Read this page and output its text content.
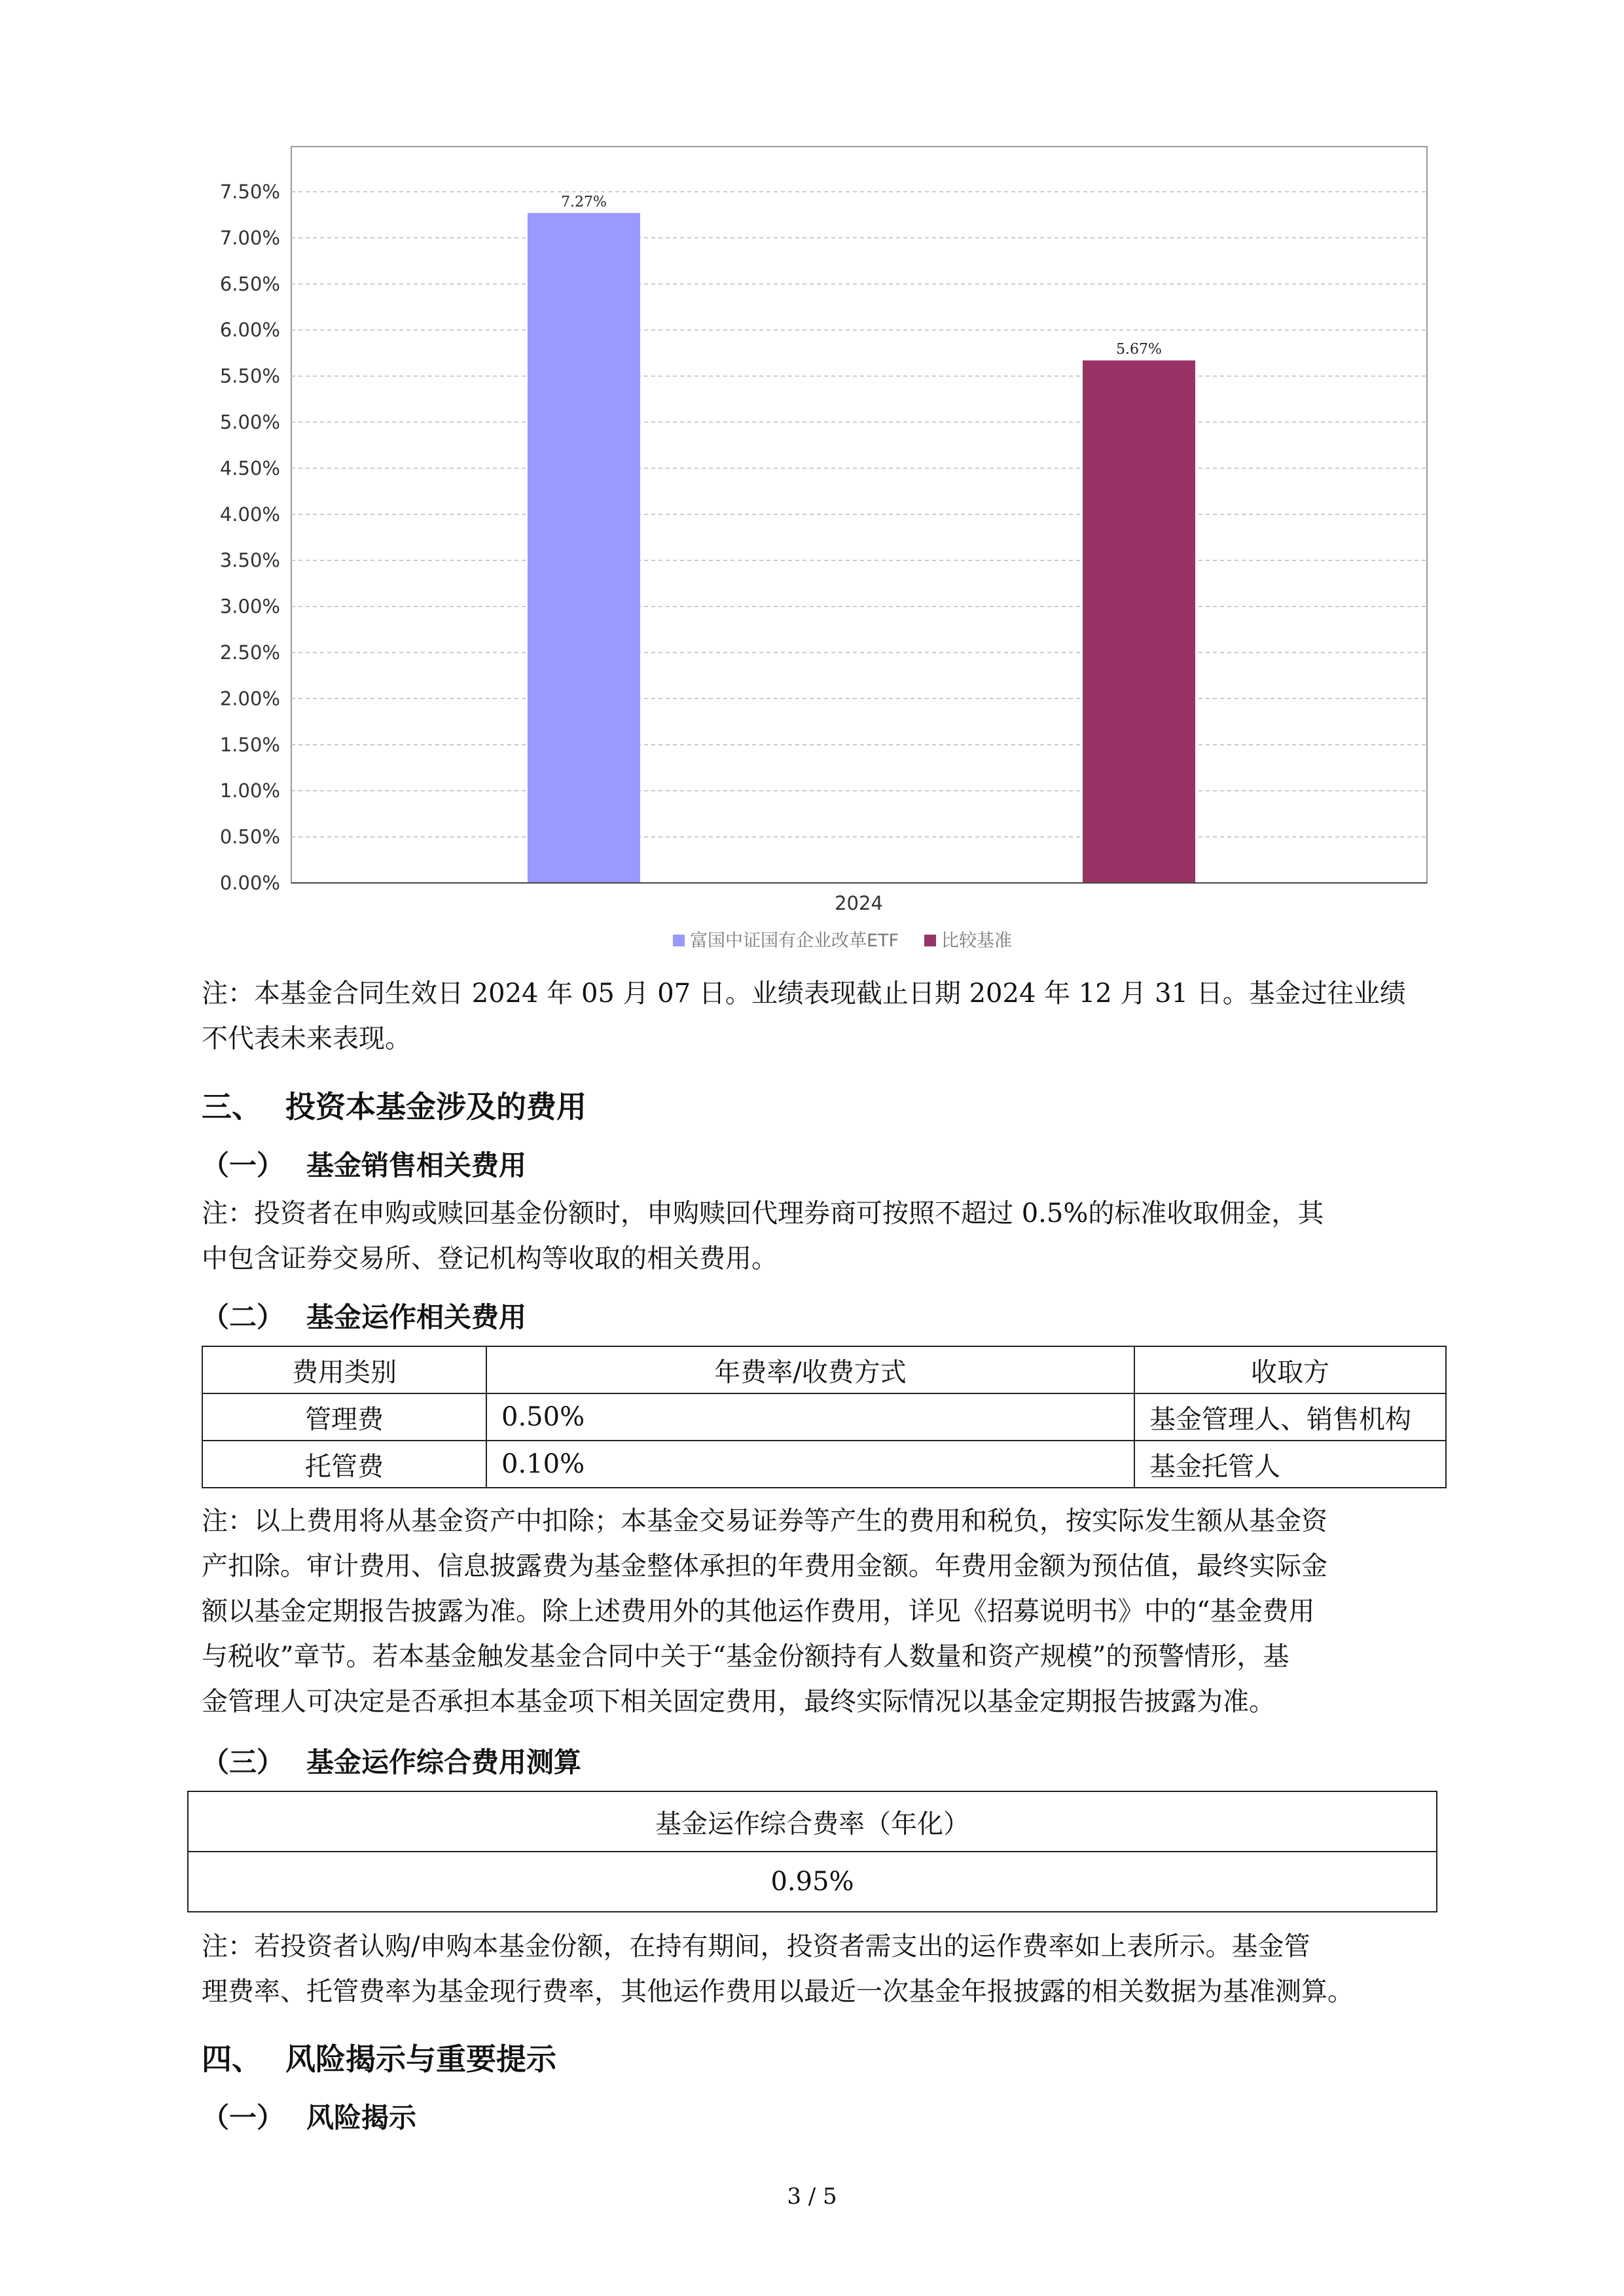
0.00%
0.50%
1.00%
1.50%
2.00%
2.50%
3.00%
3.50%
4.00%
4.50%
5.00%
5.50%
6.00%
6.50%
7.00%
7.50%	7.27%
5.67%
2024
富国中证国有企业改革ETF 比较基准
注：本基金合同生效日 2024 年 05 月 07 日。业绩表现截止日期 2024 年 12 月 31 日。基金过往业绩
不代表未来表现。
三、 投资本基金涉及的费用
（一） 基金销售相关费用
注：投资者在申购或赎回基金份额时，申购赎回代理券商可按照不超过 0.5%的标准收取佣金，其
中包含证券交易所、登记机构等收取的相关费用。
（二） 基金运作相关费用
费用类别	年费率/收费方式	收取方
管理费	0.50%	基金管理人、销售机构
托管费	0.10%	基金托管人
注：以上费用将从基金资产中扣除；本基金交易证券等产生的费用和税负，按实际发生额从基金资
产扣除。审计费用、信息披露费为基金整体承担的年费用金额。年费用金额为预估值，最终实际金
额以基金定期报告披露为准。除上述费用外的其他运作费用，详见《招募说明书》中的“基金费用
与税收”章节。若本基金触发基金合同中关于“基金份额持有人数量和资产规模”的预警情形，基
金管理人可决定是否承担本基金项下相关固定费用，最终实际情况以基金定期报告披露为准。
（三） 基金运作综合费用测算
基金运作综合费率（年化）
0.95%
注：若投资者认购/申购本基金份额，在持有期间，投资者需支出的运作费率如上表所示。基金管
理费率、托管费率为基金现行费率，其他运作费用以最近一次基金年报披露的相关数据为基准测算。
四、 风险揭示与重要提示
（一） 风险揭示
3 / 5
